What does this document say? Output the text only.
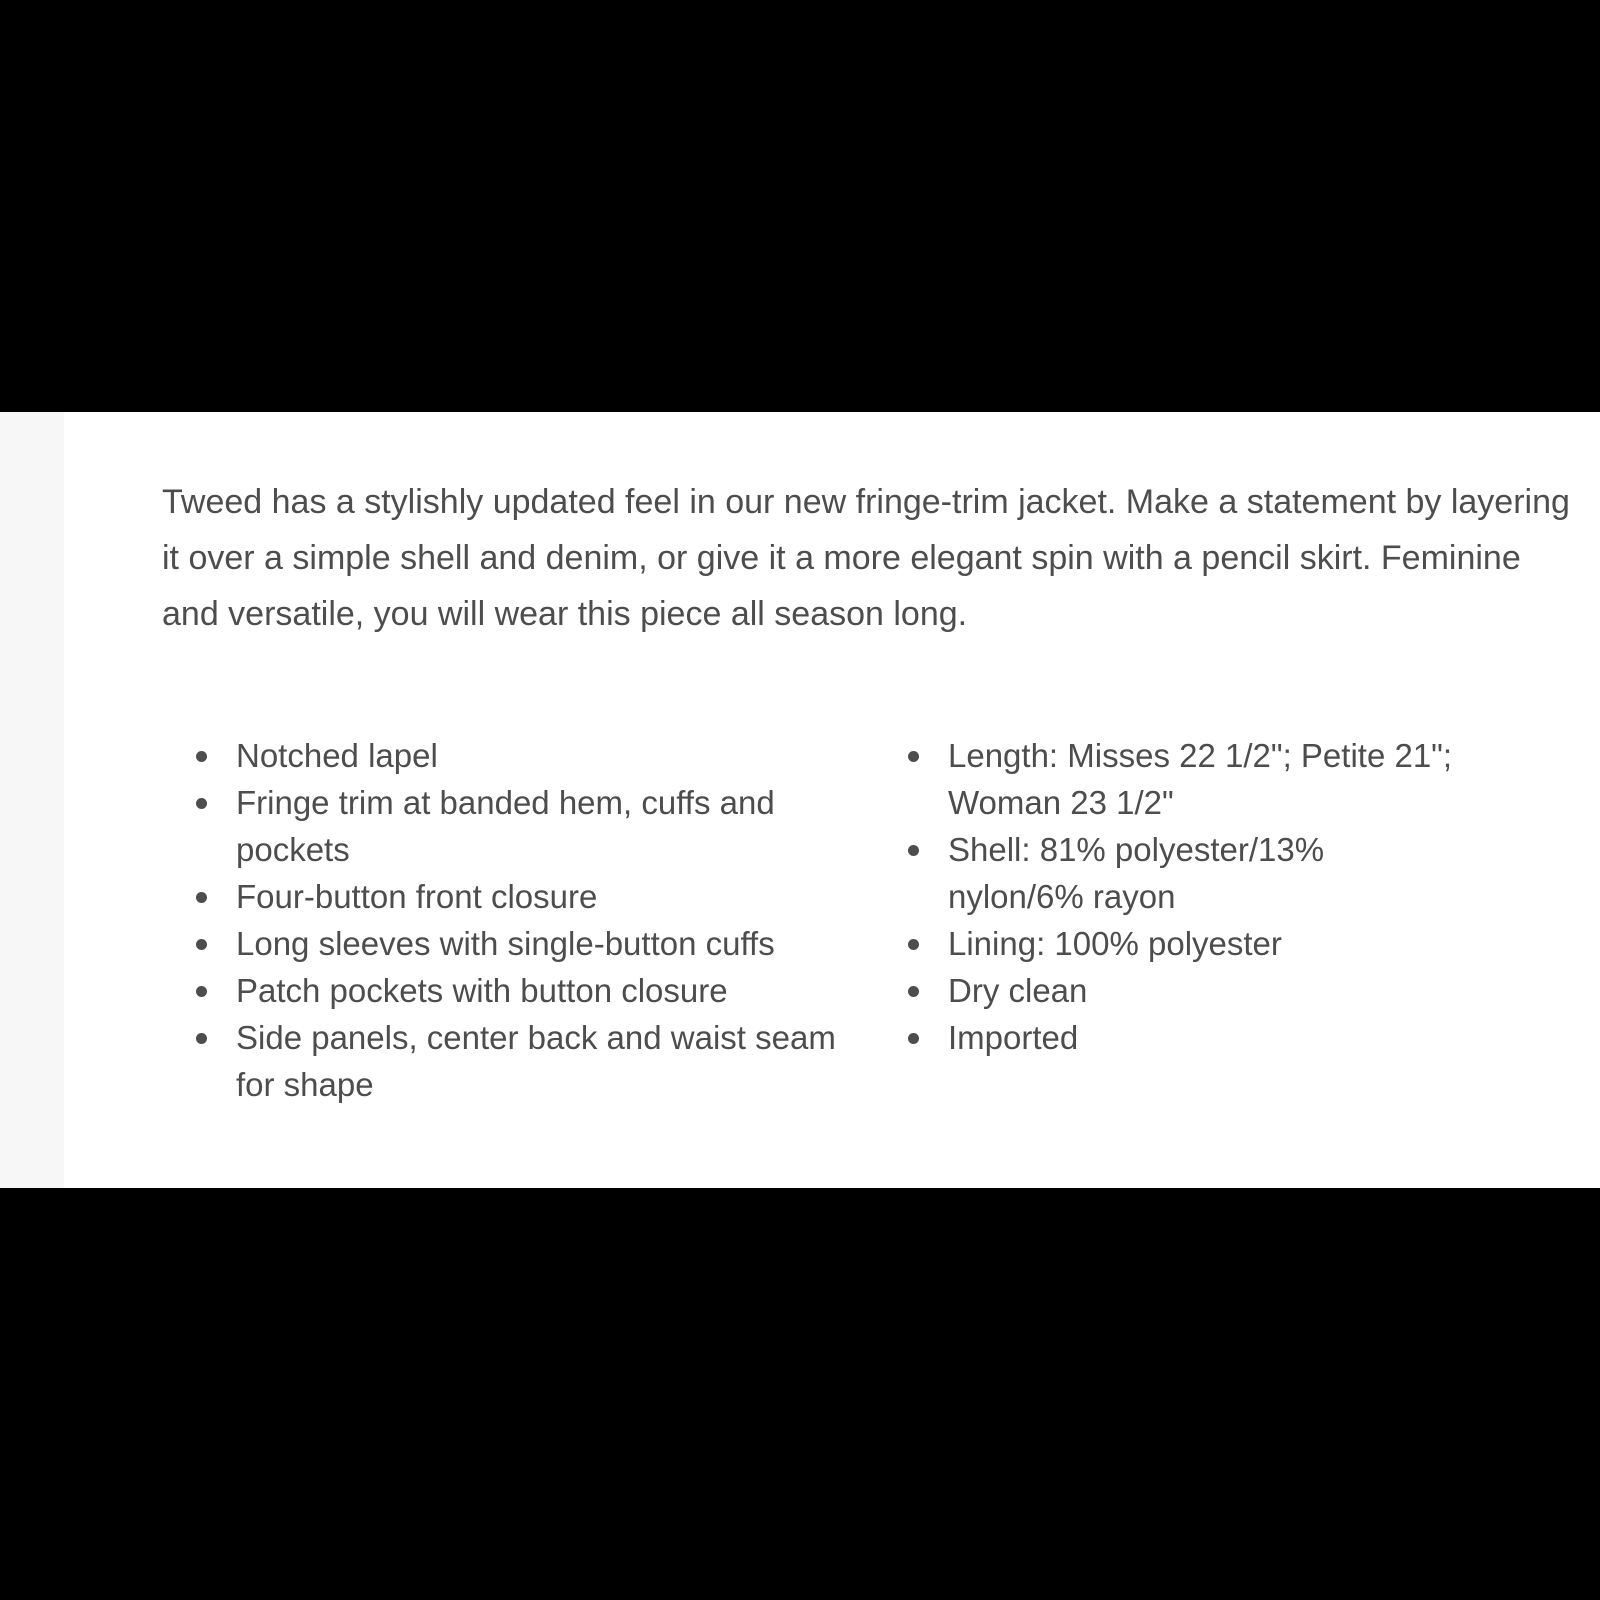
Tweed has a stylishly updated feel in our new fringe-trim jacket. Make a statement by layering it over a simple shell and denim, or give it a more elegant spin with a pencil skirt. Feminine and versatile, you will wear this piece all season long.

Notched lapel
Fringe trim at banded hem, cuffs and pockets
Four-button front closure
Long sleeves with single-button cuffs
Patch pockets with button closure
Side panels, center back and waist seam for shape
Length: Misses 22 1/2"; Petite 21"; Woman 23 1/2"
Shell: 81% polyester/13% nylon/6% rayon
Lining: 100% polyester
Dry clean
Imported
